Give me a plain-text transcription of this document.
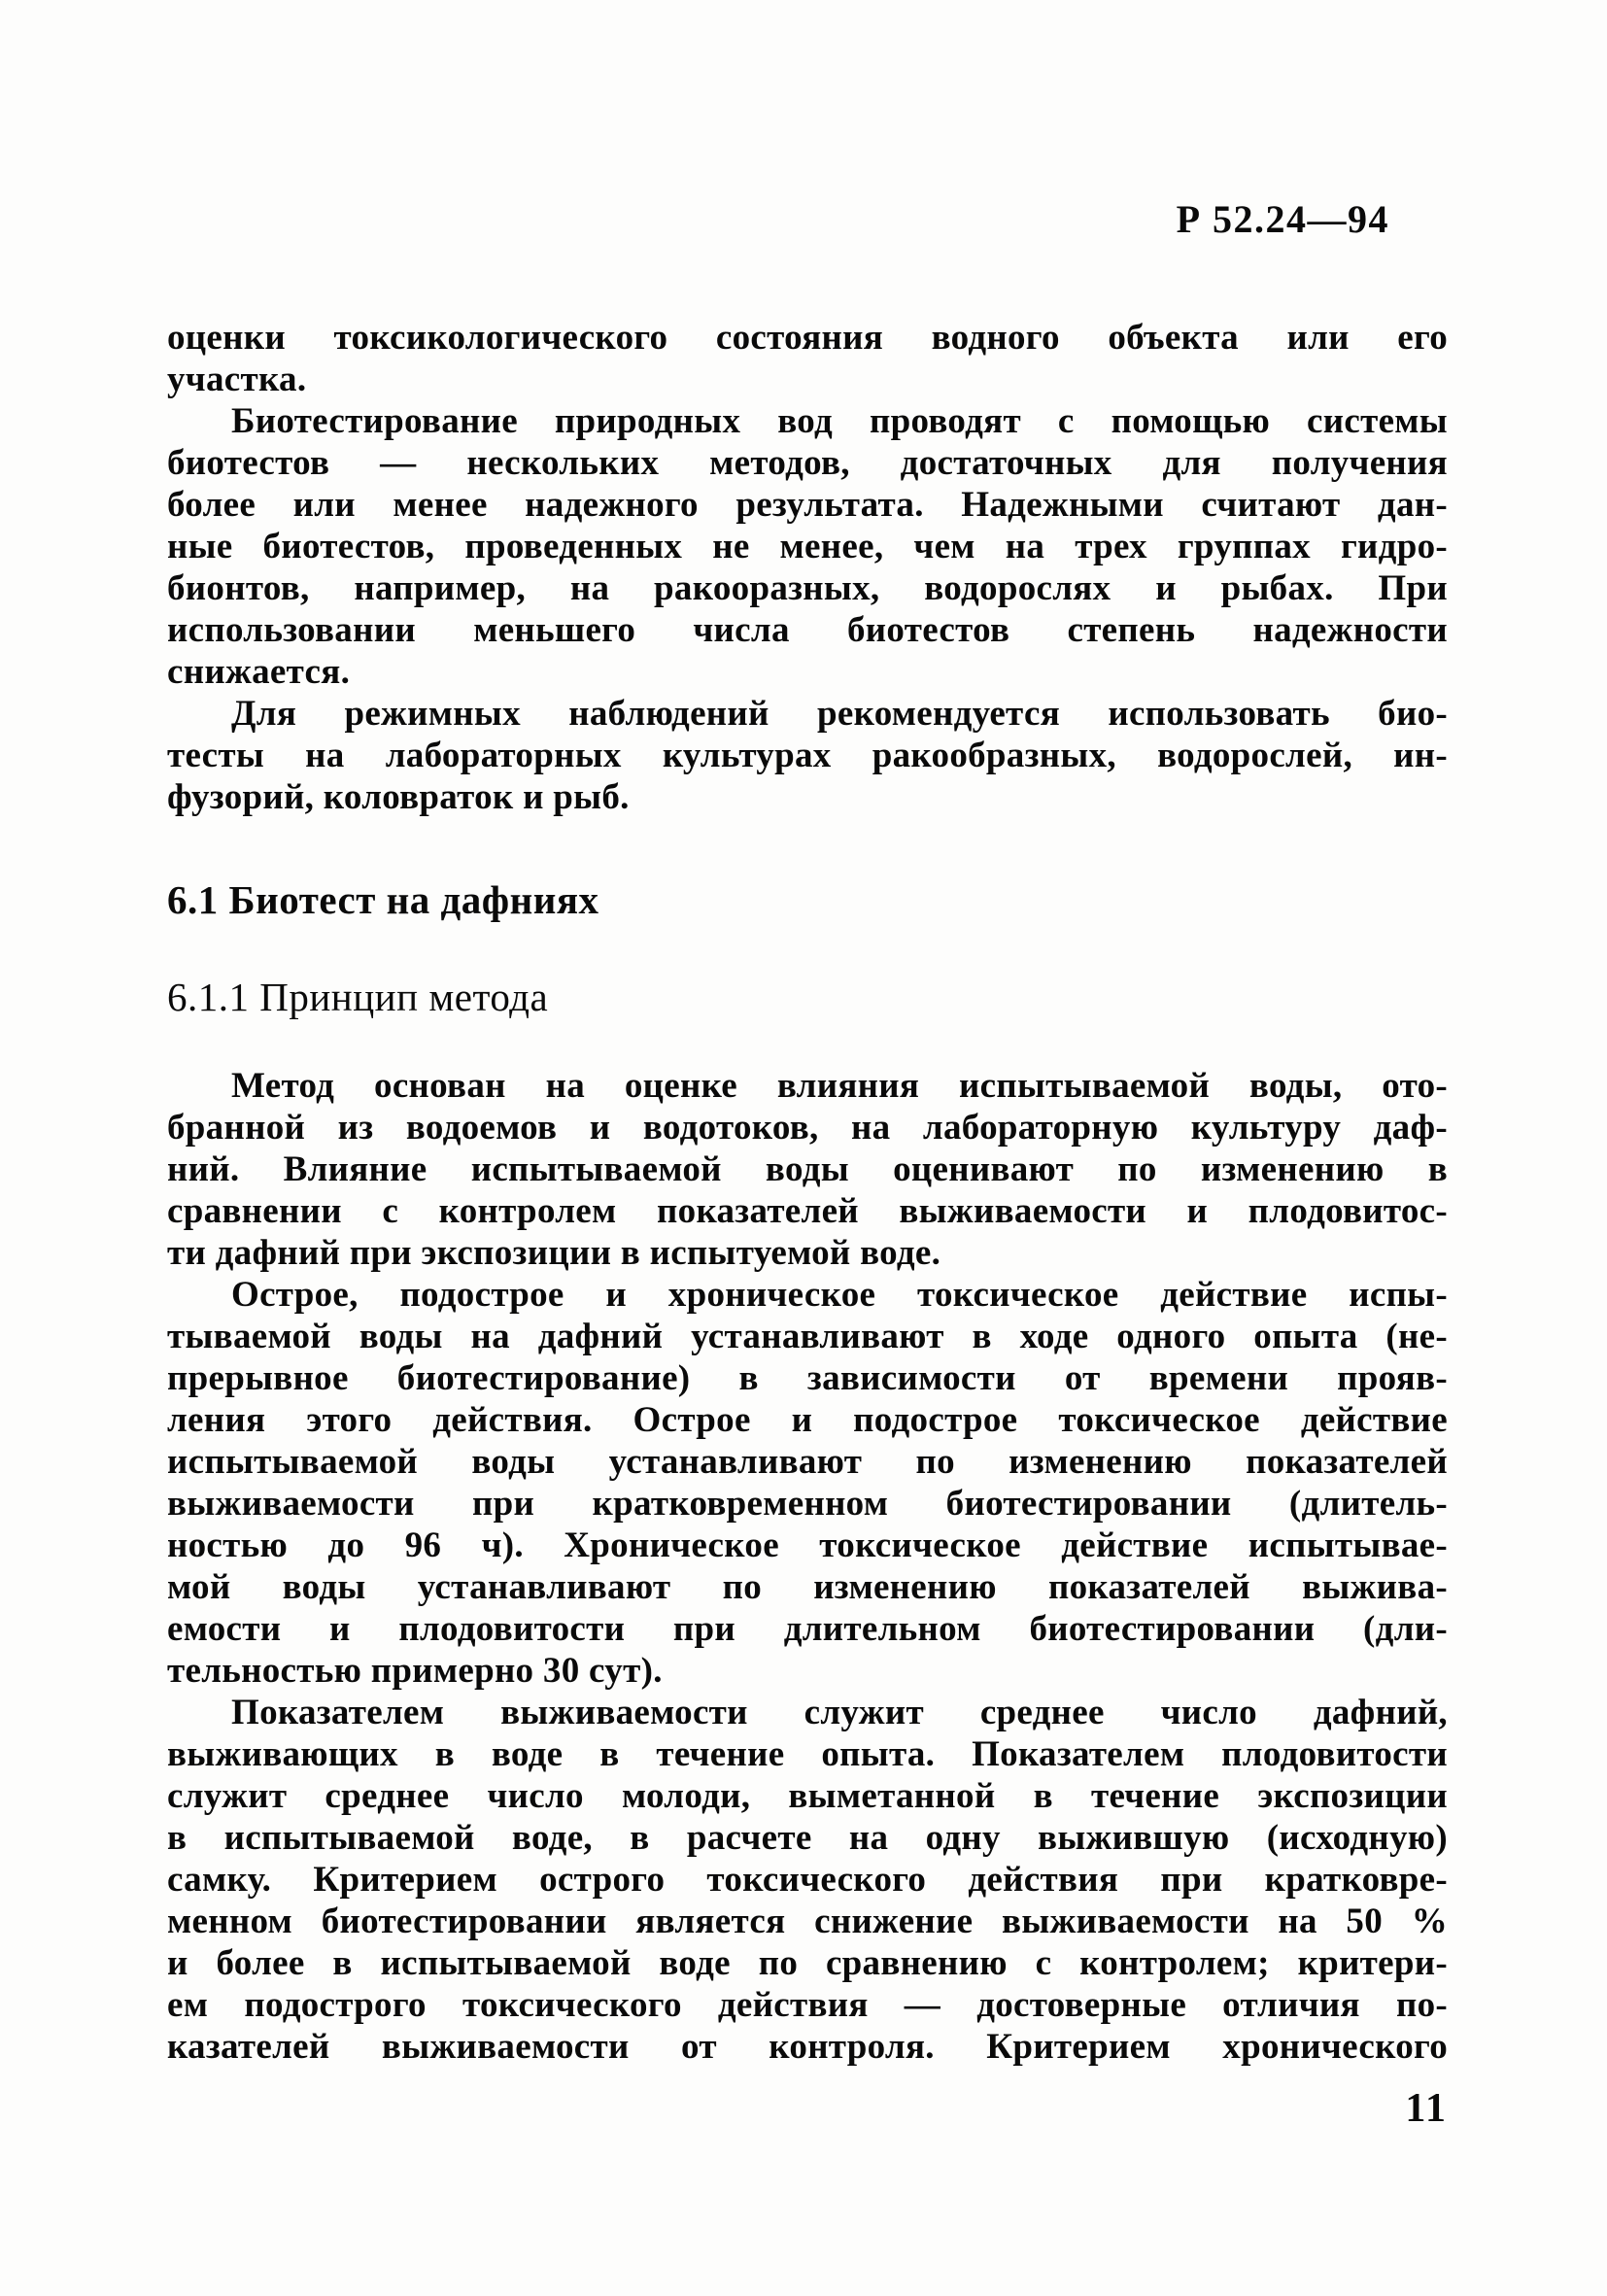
Р 52.24—94
оценки токсикологического состояния водного объекта или его
участка.
Биотестирование природных вод проводят с помощью системы
биотестов — нескольких методов, достаточных для получения
более или менее надежного результата. Надежными считают дан-
ные биотестов, проведенных не менее, чем на трех группах гидро-
бионтов, например, на ракооразных, водорослях и рыбах. При
использовании меньшего числа биотестов степень надежности
снижается.
Для режимных наблюдений рекомендуется использовать био-
тесты на лабораторных культурах ракообразных, водорослей, ин-
фузорий, коловраток и рыб.
6.1 Биотест на дафниях
6.1.1 Принцип метода
Метод основан на оценке влияния испытываемой воды, ото-
бранной из водоемов и водотоков, на лабораторную культуру даф-
ний. Влияние испытываемой воды оценивают по изменению в
сравнении с контролем показателей выживаемости и плодовитос-
ти дафний при экспозиции в испытуемой воде.
Острое, подострое и хроническое токсическое действие испы-
тываемой воды на дафний устанавливают в ходе одного опыта (не-
прерывное биотестирование) в зависимости от времени прояв-
ления этого действия. Острое и подострое токсическое действие
испытываемой воды устанавливают по изменению показателей
выживаемости при кратковременном биотестировании (длитель-
ностью до 96 ч). Хроническое токсическое действие испытывае-
мой воды устанавливают по изменению показателей выжива-
емости и плодовитости при длительном биотестировании (дли-
тельностью примерно 30 сут).
Показателем выживаемости служит среднее число дафний,
выживающих в воде в течение опыта. Показателем плодовитости
служит среднее число молоди, выметанной в течение экспозиции
в испытываемой воде, в расчете на одну выжившую (исходную)
самку. Критерием острого токсического действия при кратковре-
менном биотестировании является снижение выживаемости на 50 %
и более в испытываемой воде по сравнению с контролем; критери-
ем подострого токсического действия — достоверные отличия по-
казателей выживаемости от контроля. Критерием хронического
11
